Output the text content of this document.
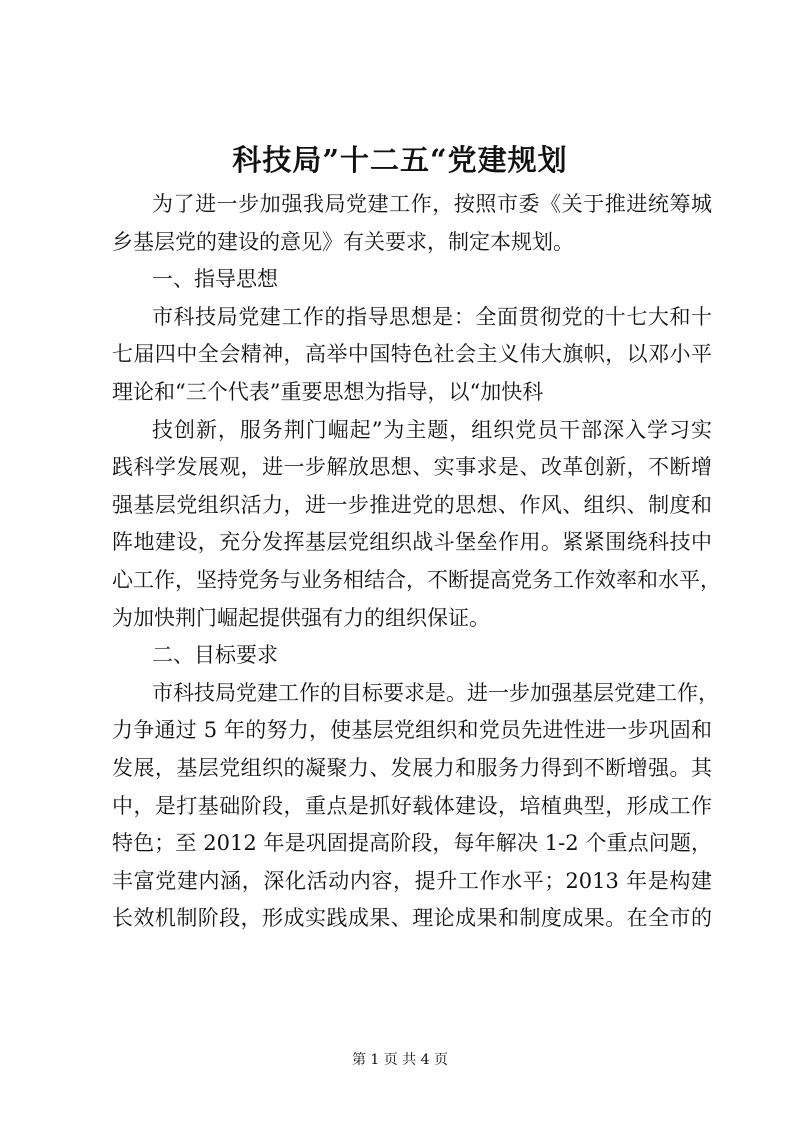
科技局”十二五“党建规划
为了进一步加强我局党建工作，按照市委《关于推进统筹城
乡基层党的建设的意见》有关要求，制定本规划。
一、指导思想
市科技局党建工作的指导思想是：全面贯彻党的十七大和十
七届四中全会精神，高举中国特色社会主义伟大旗帜，以邓小平
理论和“三个代表”重要思想为指导，以“加快科
技创新，服务荆门崛起”为主题，组织党员干部深入学习实
践科学发展观，进一步解放思想、实事求是、改革创新，不断增
强基层党组织活力，进一步推进党的思想、作风、组织、制度和
阵地建设，充分发挥基层党组织战斗堡垒作用。紧紧围绕科技中
心工作，坚持党务与业务相结合，不断提高党务工作效率和水平，
为加快荆门崛起提供强有力的组织保证。
二、目标要求
市科技局党建工作的目标要求是。进一步加强基层党建工作，
力争通过 5 年的努力，使基层党组织和党员先进性进一步巩固和
发展，基层党组织的凝聚力、发展力和服务力得到不断增强。其
中，是打基础阶段，重点是抓好载体建设，培植典型，形成工作
特色；至 2012 年是巩固提高阶段，每年解决 1-2 个重点问题，
丰富党建内涵，深化活动内容，提升工作水平；2013 年是构建
长效机制阶段，形成实践成果、理论成果和制度成果。在全市的
第 1 页 共 4 页
